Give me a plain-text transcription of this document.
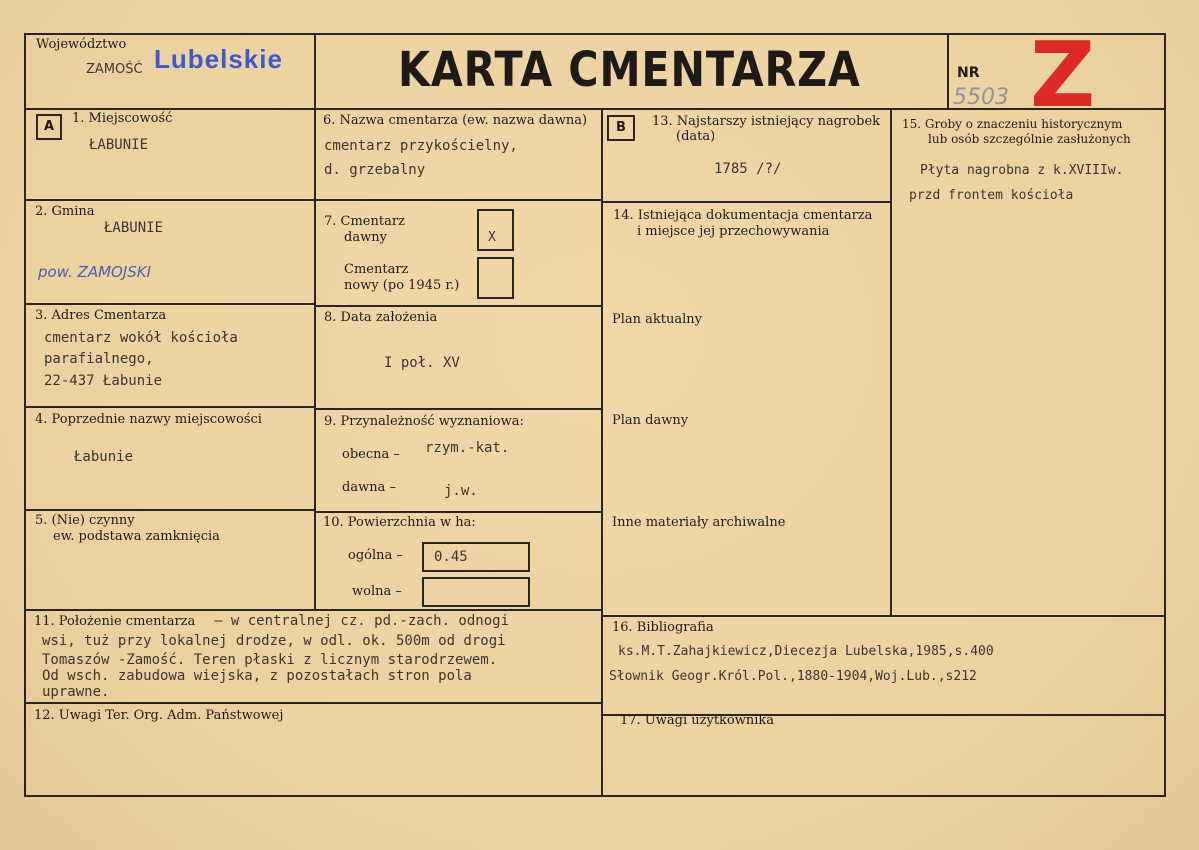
Województwo
ZAMOŚĆ Lubelskie KARTA CMENTARZA	NR
5503 Z
A	B
1. Miejscowość
ŁABUNIE
2. Gmina
ŁABUNIE
pow. ZAMOJSKI
3. Adres Cmentarza
cmentarz wokół kościoła
parafialnego,
22-437 Łabunie
4. Poprzednie nazwy miejscowości
Łabunie
5. (Nie) czynny
ew. podstawa zamknięcia
6. Nazwa cmentarza (ew. nazwa dawna)
cmentarz przykościelny,
d. grzebalny
7. Cmentarz
dawny	X
Cmentarz
nowy (po 1945 r.)
8. Data założenia
I poł. XV
9. Przynależność wyznaniowa:
obecna – rzym.-kat.
dawna –	j.w.
10. Powierzchnia w ha:
ogólna – 0.45
wolna –
11. Położenie cmentarza – w centralnej cz. pd.-zach. odnogi
wsi, tuż przy lokalnej drodze, w odl. ok. 500m od drogi
Tomaszów -Zamość. Teren płaski z licznym starodrzewem.
Od wsch. zabudowa wiejska, z pozostałach stron pola
uprawne.
12. Uwagi Ter. Org. Adm. Państwowej
13. Najstarszy istniejący nagrobek
(data)
1785 /?/
14. Istniejąca dokumentacja cmentarza
i miejsce jej przechowywania
Plan aktualny
Plan dawny
Inne materiały archiwalne
15. Groby o znaczeniu historycznym
lub osób szczególnie zasłużonych
Płyta nagrobna z k.XVIIIw.
przd frontem kościoła
16. Bibliografia
ks.M.T.Zahajkiewicz,Diecezja Lubelska,1985,s.400
Słownik Geogr.Król.Pol.,1880-1904,Woj.Lub.,s212
17. Uwagi użytkownika
